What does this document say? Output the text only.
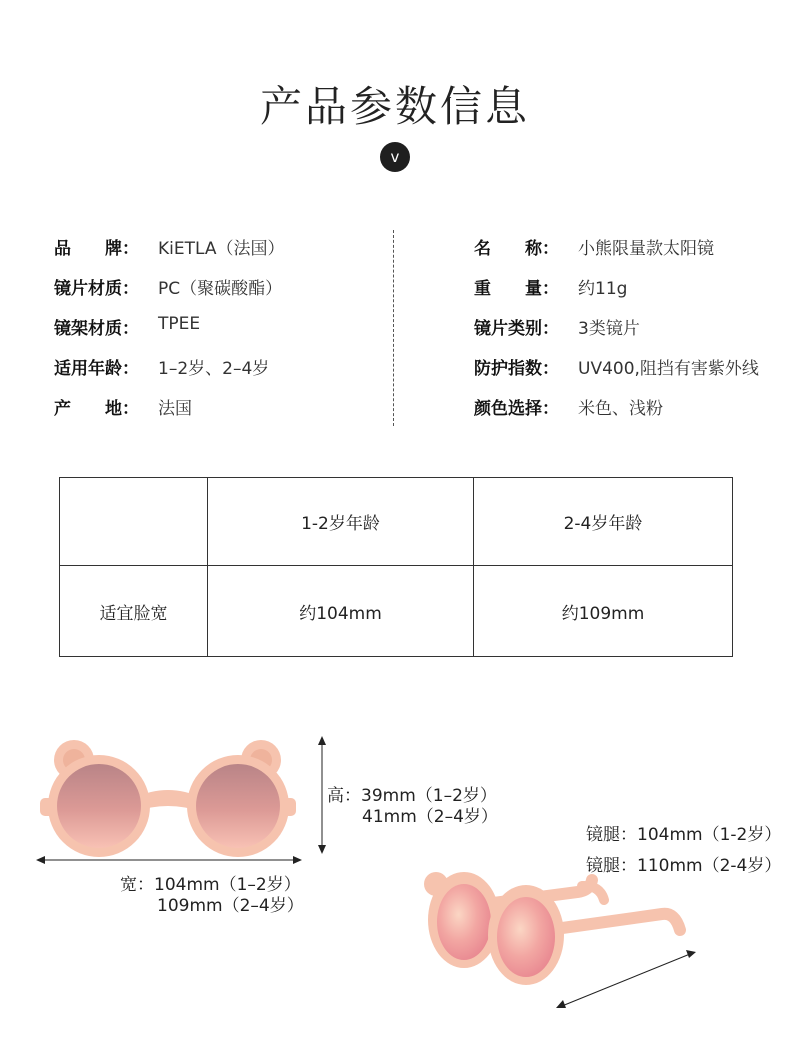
产品参数信息
v
品　　牌：	KiETLA（法国）
镜片材质：	PC（聚碳酸酯）
镜架材质：	TPEE
适用年龄：	1–2岁、2–4岁
产　　地：	法国
名　　称：	小熊限量款太阳镜
重　　量：	约11g
镜片类别：	3类镜片
防护指数：	UV400,阻挡有害紫外线
颜色选择：	米色、浅粉
	1-2岁年龄	2-4岁年龄
适宜脸宽	约104mm	约109mm
高：39mm（1–2岁）
41mm（2–4岁）
宽：104mm（1–2岁）
109mm（2–4岁）
镜腿：104mm（1-2岁）
镜腿：110mm（2-4岁）
